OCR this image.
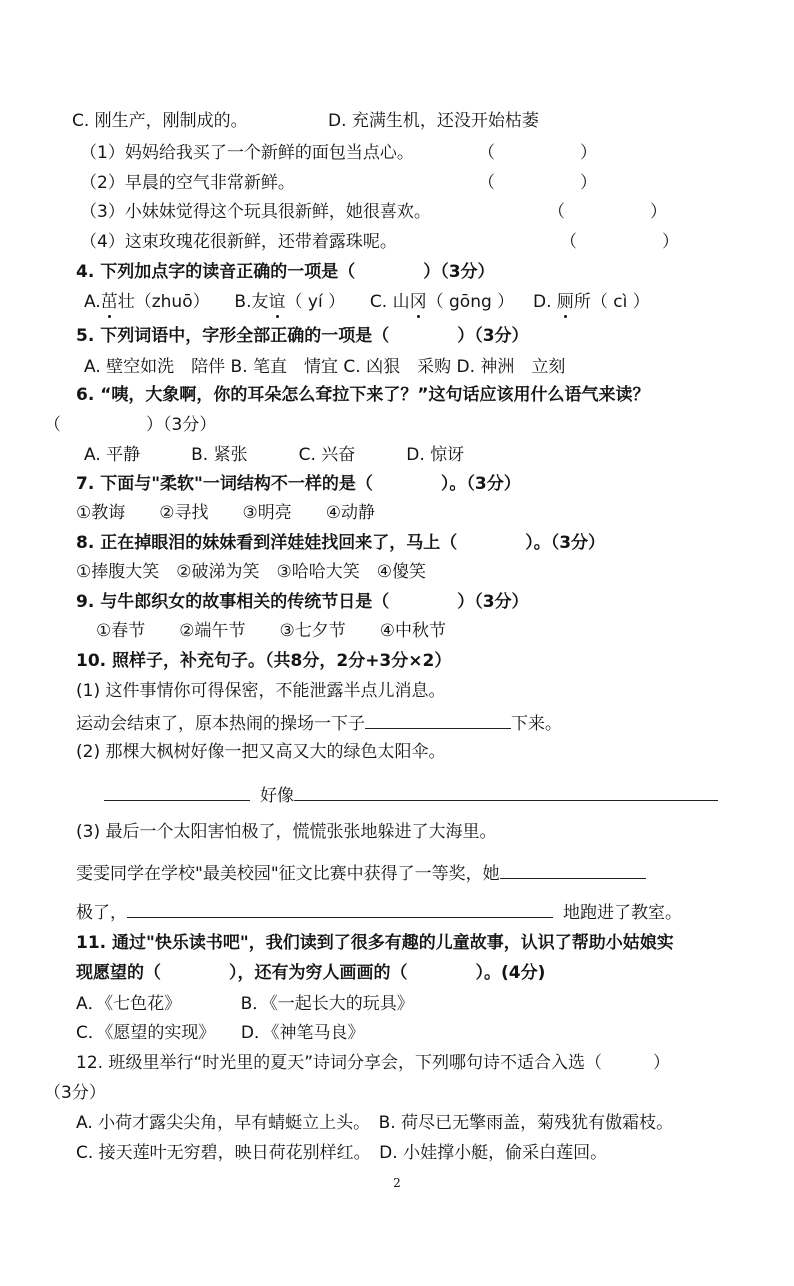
C. 刚生产，刚制成的。	D. 充满生机，还没开始枯萎
（1）妈妈给我买了一个新鲜的面包当点心。	（　　　　　）
（2）早晨的空气非常新鲜。	（　　　　　）
（3）小妹妹觉得这个玩具很新鲜，她很喜欢。	（　　　　　）
（4）这束玫瑰花很新鲜，还带着露珠呢。	（　　　　　）
4. 下列加点字的读音正确的一项是（　　　　）（3分）
A.茁壮（zhuō） B.友谊（ yí ） C. 山冈（ gōng ） D. 厕所（ cì ）
5. 下列词语中，字形全部正确的一项是（　　　　）（3分）
A. 壁空如洗　陪伴 B. 笔直　情宜 C. 凶狠　采购 D. 神洲　立刻
6. “咦，大象啊，你的耳朵怎么耷拉下来了？”这句话应该用什么语气来读？
（　　　　　）（3分）
A. 平静　　　B. 紧张　　　C. 兴奋　　　D. 惊讶
7. 下面与"柔软"一词结构不一样的是（　　　　）。（3分）
①教诲　　②寻找　　③明亮　　④动静
8. 正在掉眼泪的妹妹看到洋娃娃找回来了，马上（　　　　）。（3分）
①捧腹大笑　②破涕为笑　③哈哈大笑　④傻笑
9. 与牛郎织女的故事相关的传统节日是（　　　　）（3分）
①春节　　②端午节　　③七夕节　　④中秋节
10. 照样子，补充句子。（共8分，2分+3分×2）
(1) 这件事情你可得保密，不能泄露半点儿消息。
运动会结束了，原本热闹的操场一下子	下来。
(2) 那棵大枫树好像一把又高又大的绿色太阳伞。
好像
(3) 最后一个太阳害怕极了，慌慌张张地躲进了大海里。
雯雯同学在学校"最美校园"征文比赛中获得了一等奖，她
极了，	地跑进了教室。
11. 通过"快乐读书吧"，我们读到了很多有趣的儿童故事，认识了帮助小姑娘实
现愿望的（　　　　），还有为穷人画画的（　　　　）。(4分)
A．《七色花》　　　　B．《一起长大的玩具》
C．《愿望的实现》　　D．《神笔马良》
12. 班级里举行“时光里的夏天”诗词分享会，下列哪句诗不适合入选（　　　）
（3分）
A. 小荷才露尖尖角，早有蜻蜓立上头。　B. 荷尽已无擎雨盖，菊残犹有傲霜枝。
C. 接天莲叶无穷碧，映日荷花别样红。　D. 小娃撑小艇，偷采白莲回。
2
